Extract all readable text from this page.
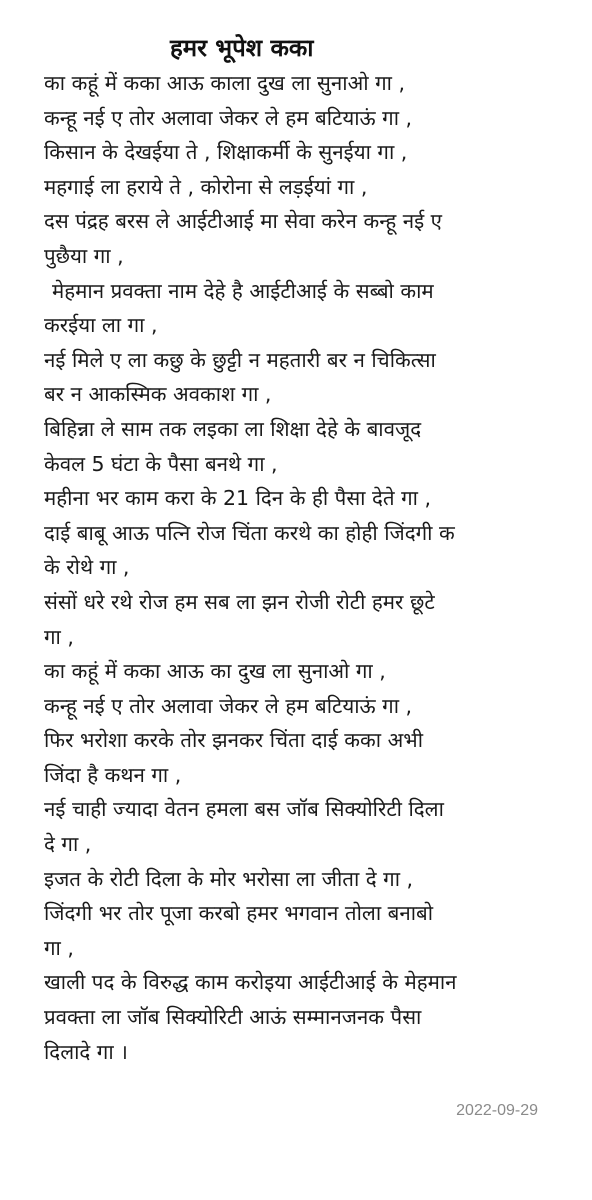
हमर भूपेश कका
का कहूं में कका आऊ काला दुख ला सुनाओ गा ,
कन्हू नई ए तोर अलावा जेकर ले हम बटियाऊं गा ,
किसान के देखईया ते , शिक्षाकर्मी के सुनईया गा ,
महगाई ला हराये ते , कोरोना से लड़ईयां गा ,
दस पंद्रह बरस ले आईटीआई मा सेवा करेन कन्हू नई ए
पुछैया गा ,
मेहमान प्रवक्ता नाम देहे है आईटीआई के सब्बो काम
करईया ला गा ,
नई मिले ए ला कछु के छुट्टी न महतारी बर न चिकित्सा
बर न आकस्मिक अवकाश गा ,
बिहिन्ना ले साम तक लइका ला शिक्षा देहे के बावजूद
केवल 5 घंटा के पैसा बनथे गा ,
महीना भर काम करा के 21 दिन के ही पैसा देते गा ,
दाई बाबू आऊ पत्नि रोज चिंता करथे का होही जिंदगी क
के रोथे गा ,
संसों धरे रथे रोज हम सब ला झन रोजी रोटी हमर छूटे
गा ,
का कहूं में कका आऊ का दुख ला सुनाओ गा ,
कन्हू नई ए तोर अलावा जेकर ले हम बटियाऊं गा ,
फिर भरोशा करके तोर झनकर चिंता दाई कका अभी
जिंदा है कथन गा ,
नई चाही ज्यादा वेतन हमला बस जॉब सिक्योरिटी दिला
दे गा ,
इजत के रोटी दिला के मोर भरोसा ला जीता दे गा ,
जिंदगी भर तोर पूजा करबो हमर भगवान तोला बनाबो
गा ,
खाली पद के विरुद्ध काम करोइया आईटीआई के मेहमान
प्रवक्ता ला जॉब सिक्योरिटी आऊं सम्मानजनक पैसा
दिलादे गा ।
2022-09-29
